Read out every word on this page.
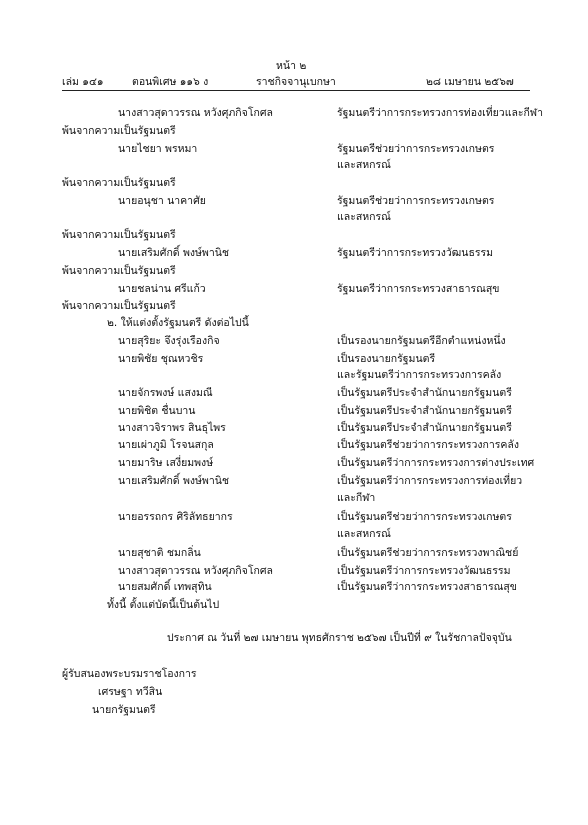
หน้า ๒
เล่ม ๑๔๑	ตอนพิเศษ ๑๑๖ ง	ราชกิจจานุเบกษา	๒๘ เมษายน ๒๕๖๗
นางสาวสุดาวรรณ หวังศุภกิจโกศล	รัฐมนตรีว่าการกระทรวงการท่องเที่ยวและกีฬา
พ้นจากความเป็นรัฐมนตรี
นายไชยา พรหมา	รัฐมนตรีช่วยว่าการกระทรวงเกษตร
และสหกรณ์
พ้นจากความเป็นรัฐมนตรี
นายอนุชา นาคาศัย	รัฐมนตรีช่วยว่าการกระทรวงเกษตร
และสหกรณ์
พ้นจากความเป็นรัฐมนตรี
นายเสริมศักดิ์ พงษ์พานิช	รัฐมนตรีว่าการกระทรวงวัฒนธรรม
พ้นจากความเป็นรัฐมนตรี
นายชลน่าน ศรีแก้ว	รัฐมนตรีว่าการกระทรวงสาธารณสุข
พ้นจากความเป็นรัฐมนตรี
๒. ให้แต่งตั้งรัฐมนตรี ดังต่อไปนี้
นายสุริยะ จึงรุ่งเรืองกิจ	เป็นรองนายกรัฐมนตรีอีกตำแหน่งหนึ่ง
นายพิชัย ชุณหวชิร	เป็นรองนายกรัฐมนตรี
และรัฐมนตรีว่าการกระทรวงการคลัง
นายจักรพงษ์ แสงมณี	เป็นรัฐมนตรีประจำสำนักนายกรัฐมนตรี
นายพิชิต ชื่นบาน	เป็นรัฐมนตรีประจำสำนักนายกรัฐมนตรี
นางสาวจิราพร สินธุไพร	เป็นรัฐมนตรีประจำสำนักนายกรัฐมนตรี
นายเผ่าภูมิ โรจนสกุล	เป็นรัฐมนตรีช่วยว่าการกระทรวงการคลัง
นายมาริษ เสงี่ยมพงษ์	เป็นรัฐมนตรีว่าการกระทรวงการต่างประเทศ
นายเสริมศักดิ์ พงษ์พานิช	เป็นรัฐมนตรีว่าการกระทรวงการท่องเที่ยว
และกีฬา
นายอรรถกร ศิริลัทธยากร	เป็นรัฐมนตรีช่วยว่าการกระทรวงเกษตร
และสหกรณ์
นายสุชาติ ชมกลิ่น	เป็นรัฐมนตรีช่วยว่าการกระทรวงพาณิชย์
นางสาวสุดาวรรณ หวังศุภกิจโกศล	เป็นรัฐมนตรีว่าการกระทรวงวัฒนธรรม
นายสมศักดิ์ เทพสุทิน	เป็นรัฐมนตรีว่าการกระทรวงสาธารณสุข
ทั้งนี้ ตั้งแต่บัดนี้เป็นต้นไป
ประกาศ ณ วันที่ ๒๗ เมษายน พุทธศักราช ๒๕๖๗ เป็นปีที่ ๙ ในรัชกาลปัจจุบัน
ผู้รับสนองพระบรมราชโองการ
เศรษฐา ทวีสิน
นายกรัฐมนตรี
